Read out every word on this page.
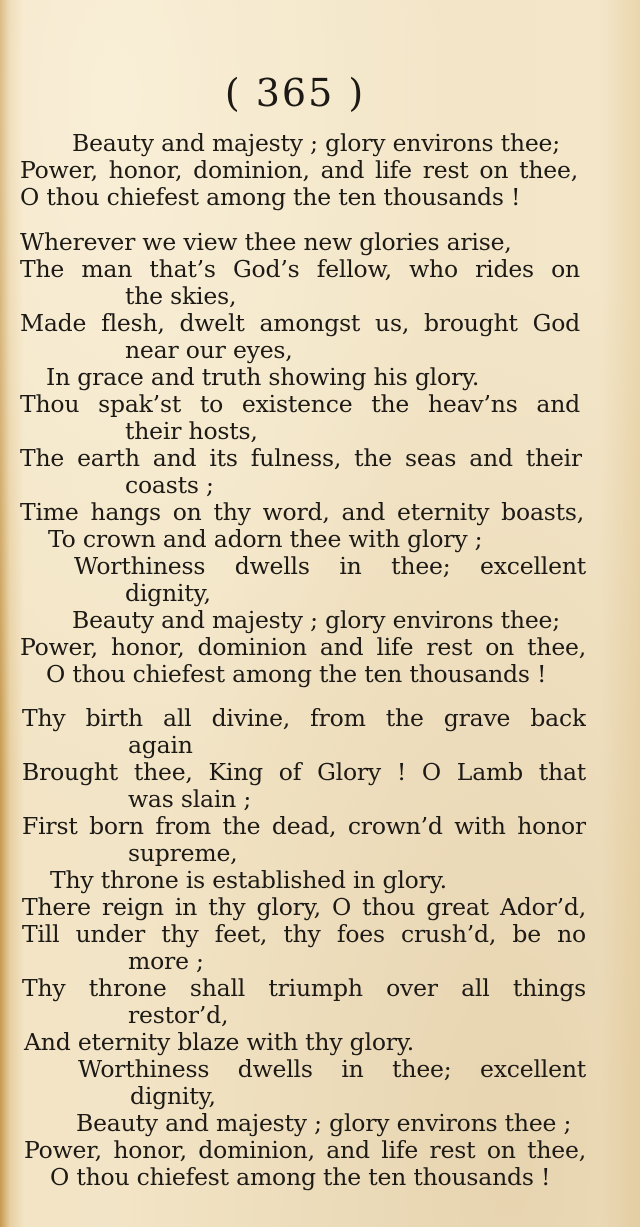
( 365 )
Beauty and majesty ; glory environs thee;
Power, honor, dominion, and life rest on thee,
O thou chiefest among the ten thousands !
Wherever we view thee new glories arise,
The man that’s God’s fellow, who rides on
the skies,
Made flesh, dwelt amongst us, brought God
near our eyes,
In grace and truth showing his glory.
Thou spak’st to existence the heav’ns and
their hosts,
The earth and its fulness, the seas and their
coasts ;
Time hangs on thy word, and eternity boasts,
To crown and adorn thee with glory ;
Worthiness dwells in thee; excellent
dignity,
Beauty and majesty ; glory environs thee;
Power, honor, dominion and life rest on thee,
O thou chiefest among the ten thousands !
Thy birth all divine, from the grave back
again
Brought thee, King of Glory ! O Lamb that
was slain ;
First born from the dead, crown’d with honor
supreme,
Thy throne is established in glory.
There reign in thy glory, O thou great Ador’d,
Till under thy feet, thy foes crush’d, be no
more ;
Thy throne shall triumph over all things
restor’d,
And eternity blaze with thy glory.
Worthiness dwells in thee; excellent
dignity,
Beauty and majesty ; glory environs thee ;
Power, honor, dominion, and life rest on thee,
O thou chiefest among the ten thousands !
